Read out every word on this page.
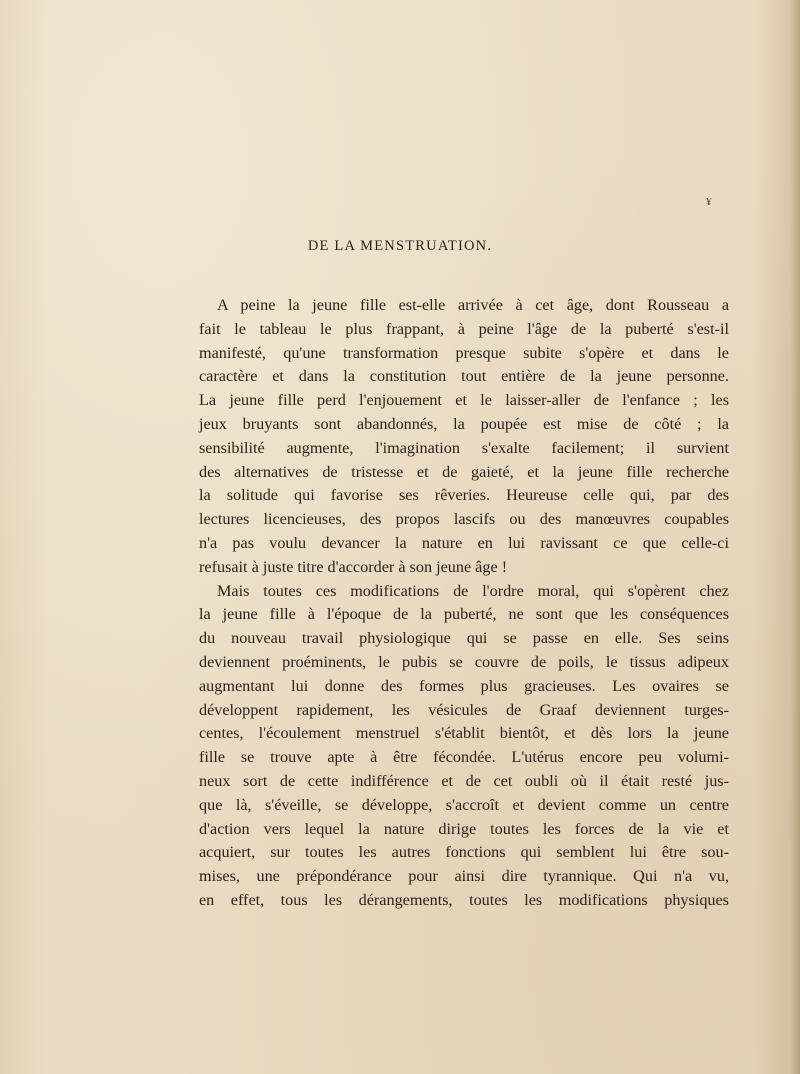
¥
DE LA MENSTRUATION.
A peine la jeune fille est-elle arrivée à cet âge, dont Rousseau a
fait le tableau le plus frappant, à peine l'âge de la puberté s'est-il
manifesté, qu'une transformation presque subite s'opère et dans le
caractère et dans la constitution tout entière de la jeune personne.
La jeune fille perd l'enjouement et le laisser-aller de l'enfance ; les
jeux bruyants sont abandonnés, la poupée est mise de côté ; la
sensibilité augmente, l'imagination s'exalte facilement; il survient
des alternatives de tristesse et de gaieté, et la jeune fille recherche
la solitude qui favorise ses rêveries. Heureuse celle qui, par des
lectures licencieuses, des propos lascifs ou des manœuvres coupables
n'a pas voulu devancer la nature en lui ravissant ce que celle-ci
refusait à juste titre d'accorder à son jeune âge !
Mais toutes ces modifications de l'ordre moral, qui s'opèrent chez
la jeune fille à l'époque de la puberté, ne sont que les conséquences
du nouveau travail physiologique qui se passe en elle. Ses seins
deviennent proéminents, le pubis se couvre de poils, le tissus adipeux
augmentant lui donne des formes plus gracieuses. Les ovaires se
développent rapidement, les vésicules de Graaf deviennent turges-
centes, l'écoulement menstruel s'établit bientôt, et dès lors la jeune
fille se trouve apte à être fécondée. L'utérus encore peu volumi-
neux sort de cette indifférence et de cet oubli où il était resté jus-
que là, s'éveille, se développe, s'accroît et devient comme un centre
d'action vers lequel la nature dirige toutes les forces de la vie et
acquiert, sur toutes les autres fonctions qui semblent lui être sou-
mises, une prépondérance pour ainsi dire tyrannique. Qui n'a vu,
en effet, tous les dérangements, toutes les modifications physiques
